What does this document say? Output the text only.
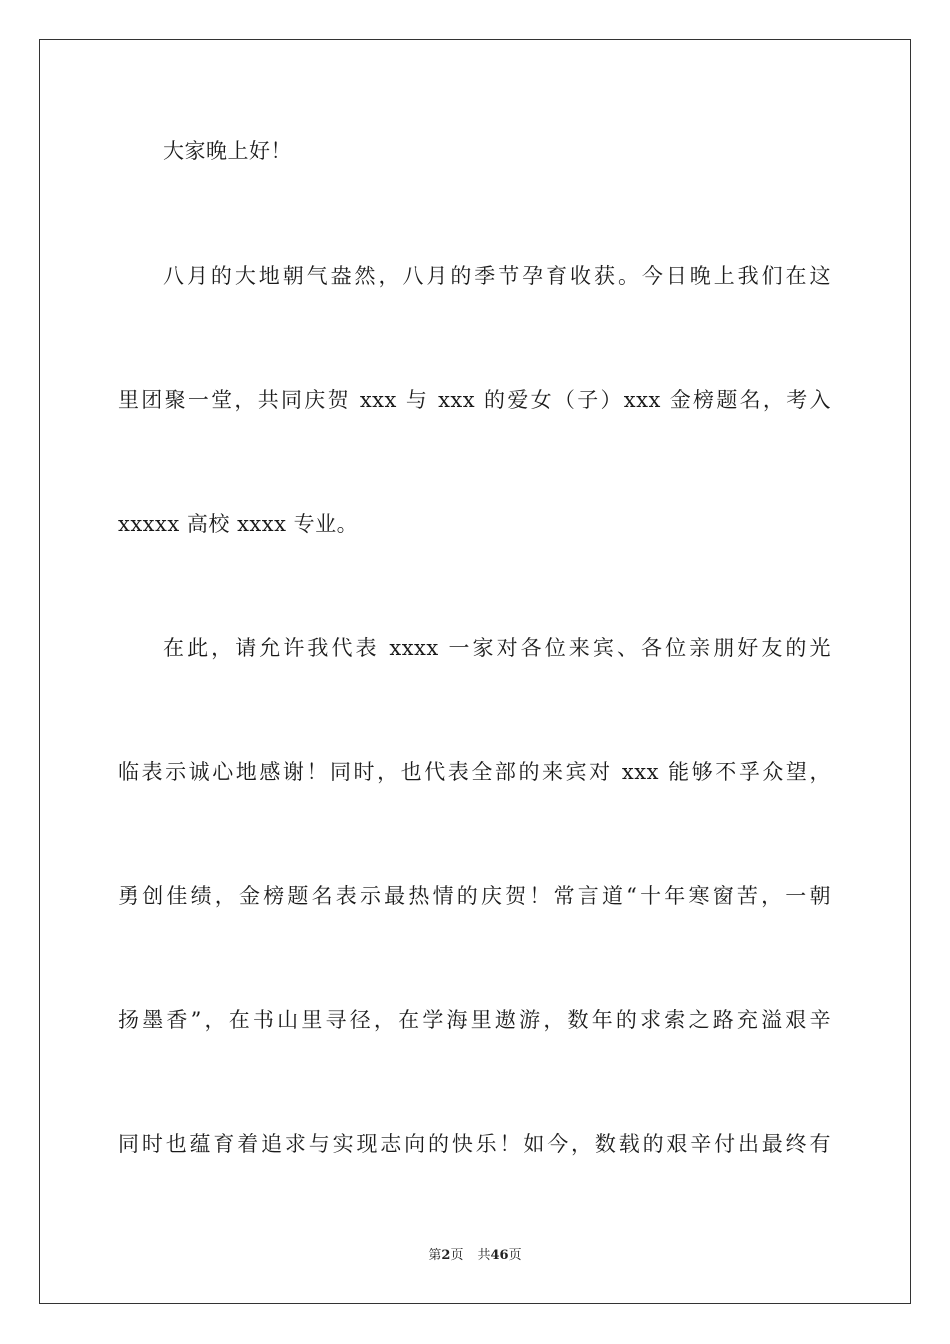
大家晚上好！
八月的大地朝气盎然，八月的季节孕育收获。今日晚上我们在这
里团聚一堂，共同庆贺 xxx 与 xxx 的爱女（子）xxx 金榜题名，考入
xxxxx 高校 xxxx 专业。
在此，请允许我代表 xxxx 一家对各位来宾、各位亲朋好友的光
临表示诚心地感谢！同时，也代表全部的来宾对 xxx 能够不孚众望，
勇创佳绩，金榜题名表示最热情的庆贺！常言道“十年寒窗苦，一朝
扬墨香”，在书山里寻径，在学海里遨游，数年的求索之路充溢艰辛
同时也蕴育着追求与实现志向的快乐！如今，数载的艰辛付出最终有
第2页 共46页
